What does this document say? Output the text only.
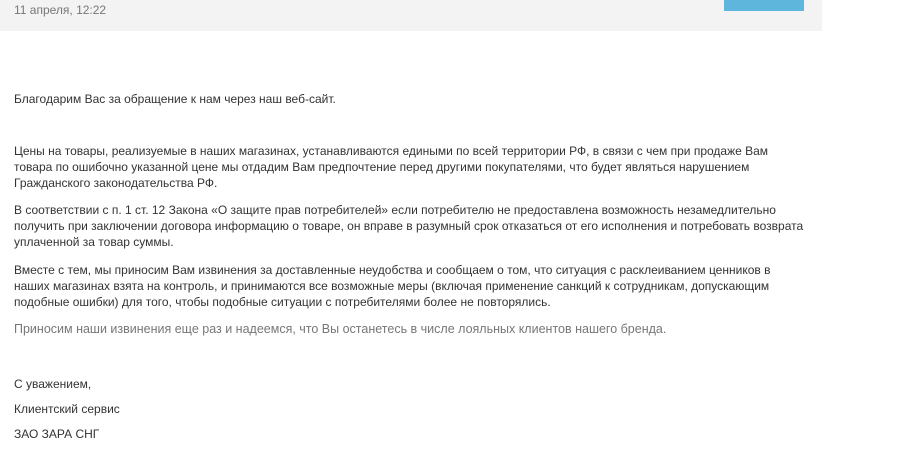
11 апреля, 12:22

Благодарим Вас за обращение к нам через наш веб-сайт.

Цены на товары, реализуемые в наших магазинах, устанавливаются едиными по всей территории РФ, в связи с чем при продаже Вам товара по ошибочно указанной цене мы отдадим Вам предпочтение перед другими покупателями, что будет являться нарушением Гражданского законодательства РФ.

В соответствии с п. 1 ст. 12 Закона «О защите прав потребителей» если потребителю не предоставлена возможность незамедлительно получить при заключении договора информацию о товаре, он вправе в разумный срок отказаться от его исполнения и потребовать возврата уплаченной за товар суммы.

Вместе с тем, мы приносим Вам извинения за доставленные неудобства и сообщаем о том, что ситуация с расклеиванием ценников в наших магазинах взята на контроль, и принимаются все возможные меры (включая применение санкций к сотрудникам, допускающим подобные ошибки) для того, чтобы подобные ситуации с потребителями более не повторялись.

Приносим наши извинения еще раз и надеемся, что Вы останетесь в числе лояльных клиентов нашего бренда.

С уважением,

Клиентский сервис

ЗАО ЗАРА СНГ
